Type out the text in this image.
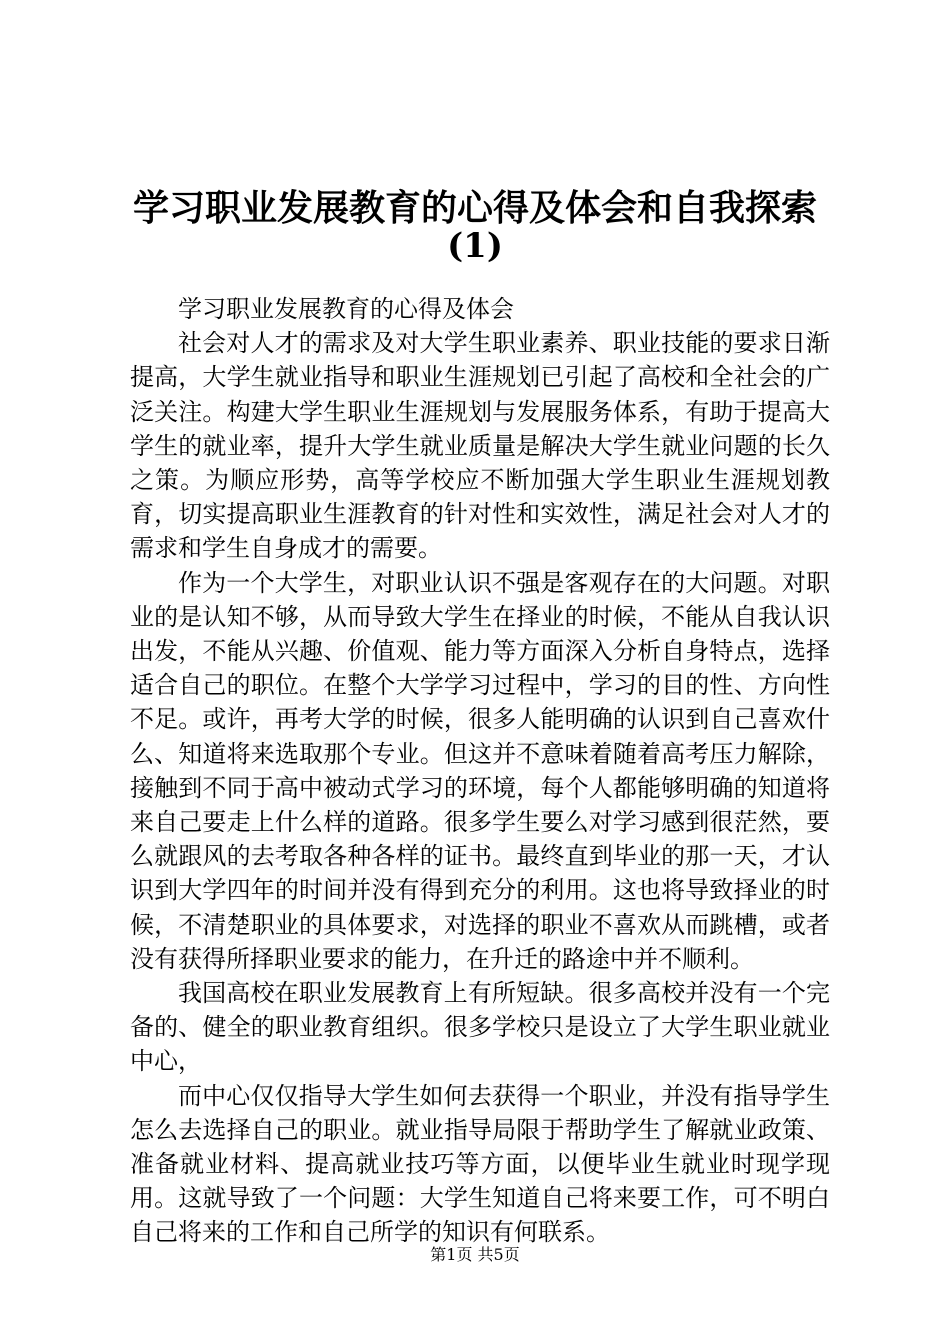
学习职业发展教育的心得及体会和自我探索
(1)

学习职业发展教育的心得及体会

社会对人才的需求及对大学生职业素养、职业技能的要求日渐提高，大学生就业指导和职业生涯规划已引起了高校和全社会的广泛关注。构建大学生职业生涯规划与发展服务体系，有助于提高大学生的就业率，提升大学生就业质量是解决大学生就业问题的长久之策。为顺应形势，高等学校应不断加强大学生职业生涯规划教育，切实提高职业生涯教育的针对性和实效性，满足社会对人才的需求和学生自身成才的需要。

作为一个大学生，对职业认识不强是客观存在的大问题。对职业的是认知不够，从而导致大学生在择业的时候，不能从自我认识出发，不能从兴趣、价值观、能力等方面深入分析自身特点，选择适合自己的职位。在整个大学学习过程中，学习的目的性、方向性不足。或许，再考大学的时候，很多人能明确的认识到自己喜欢什么、知道将来选取那个专业。但这并不意味着随着高考压力解除，接触到不同于高中被动式学习的环境，每个人都能够明确的知道将来自己要走上什么样的道路。很多学生要么对学习感到很茫然，要么就跟风的去考取各种各样的证书。最终直到毕业的那一天，才认识到大学四年的时间并没有得到充分的利用。这也将导致择业的时候，不清楚职业的具体要求，对选择的职业不喜欢从而跳槽，或者没有获得所择职业要求的能力，在升迁的路途中并不顺利。

我国高校在职业发展教育上有所短缺。很多高校并没有一个完备的、健全的职业教育组织。很多学校只是设立了大学生职业就业中心，

而中心仅仅指导大学生如何去获得一个职业，并没有指导学生怎么去选择自己的职业。就业指导局限于帮助学生了解就业政策、准备就业材料、提高就业技巧等方面，以便毕业生就业时现学现用。这就导致了一个问题：大学生知道自己将来要工作，可不明白自己将来的工作和自己所学的知识有何联系。

第1页 共5页
